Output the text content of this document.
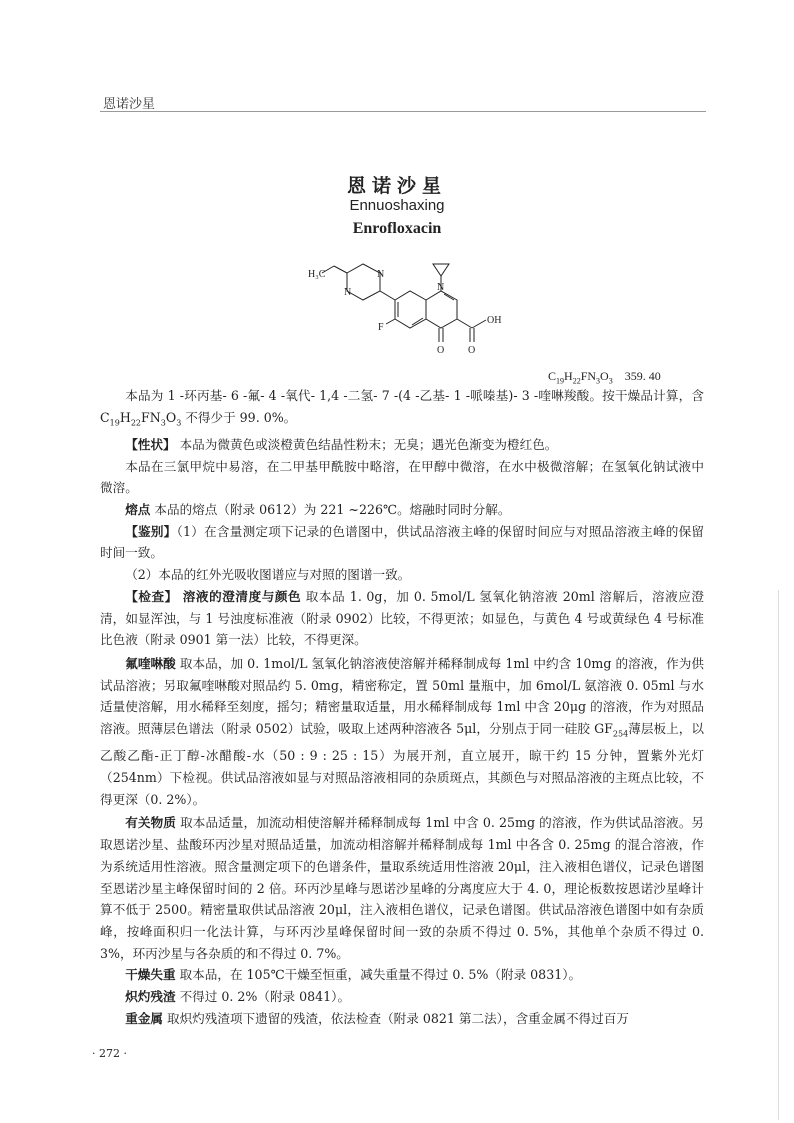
恩诺沙星
恩诺沙星
Ennuoshaxing
Enrofloxacin
H₃C
N
N
N
F
OH
O O
$C_{19}H_{22}FN_3O_3$ 359. 40

本品为 1 -环丙基- 6 -氟- 4 -氧代- 1,4 -二氢- 7 -(4 -乙基- 1 -哌嗪基)- 3 -喹啉羧酸。按干燥品计算，含 $C_{19}H_{22}FN_3O_3$ 不得少于 99. 0%。

【性状】 本品为微黄色或淡橙黄色结晶性粉末；无臭；遇光色渐变为橙红色。

本品在三氯甲烷中易溶，在二甲基甲酰胺中略溶，在甲醇中微溶，在水中极微溶解；在氢氧化钠试液中微溶。

熔点 本品的熔点（附录 0612）为 221 ~226℃。熔融时同时分解。

【鉴别】（1）在含量测定项下记录的色谱图中，供试品溶液主峰的保留时间应与对照品溶液主峰的保留时间一致。

（2）本品的红外光吸收图谱应与对照的图谱一致。

【检查】 溶液的澄清度与颜色 取本品 1. 0g，加 0. 5mol/L 氢氧化钠溶液 20ml 溶解后，溶液应澄清，如显浑浊，与 1 号浊度标准液（附录 0902）比较，不得更浓；如显色，与黄色 4 号或黄绿色 4 号标准比色液（附录 0901 第一法）比较，不得更深。

氟喹啉酸 取本品，加 0. 1mol/L 氢氧化钠溶液使溶解并稀释制成每 1ml 中约含 10mg 的溶液，作为供试品溶液；另取氟喹啉酸对照品约 5. 0mg，精密称定，置 50ml 量瓶中，加 6mol/L 氨溶液 0. 05ml 与水适量使溶解，用水稀释至刻度，摇匀；精密量取适量，用水稀释制成每 1ml 中含 20μg 的溶液，作为对照品溶液。照薄层色谱法（附录 0502）试验，吸取上述两种溶液各 5μl，分别点于同一硅胶 $GF_{254}$薄层板上，以乙酸乙酯-正丁醇-冰醋酸-水（50 : 9 : 25 : 15）为展开剂，直立展开，晾干约 15 分钟，置紫外光灯（254nm）下检视。供试品溶液如显与对照品溶液相同的杂质斑点，其颜色与对照品溶液的主斑点比较，不得更深（0. 2%）。

有关物质 取本品适量，加流动相使溶解并稀释制成每 1ml 中含 0. 25mg 的溶液，作为供试品溶液。另取恩诺沙星、盐酸环丙沙星对照品适量，加流动相溶解并稀释制成每 1ml 中各含 0. 25mg 的混合溶液，作为系统适用性溶液。照含量测定项下的色谱条件，量取系统适用性溶液 20μl，注入液相色谱仪，记录色谱图至恩诺沙星主峰保留时间的 2 倍。环丙沙星峰与恩诺沙星峰的分离度应大于 4. 0，理论板数按恩诺沙星峰计算不低于 2500。精密量取供试品溶液 20μl，注入液相色谱仪，记录色谱图。供试品溶液色谱图中如有杂质峰，按峰面积归一化法计算，与环丙沙星峰保留时间一致的杂质不得过 0. 5%，其他单个杂质不得过 0. 3%，环丙沙星与各杂质的和不得过 0. 7%。

干燥失重 取本品，在 105℃干燥至恒重，减失重量不得过 0. 5%（附录 0831）。

炽灼残渣 不得过 0. 2%（附录 0841）。

重金属 取炽灼残渣项下遗留的残渣，依法检查（附录 0821 第二法），含重金属不得过百万

· 272 ·
